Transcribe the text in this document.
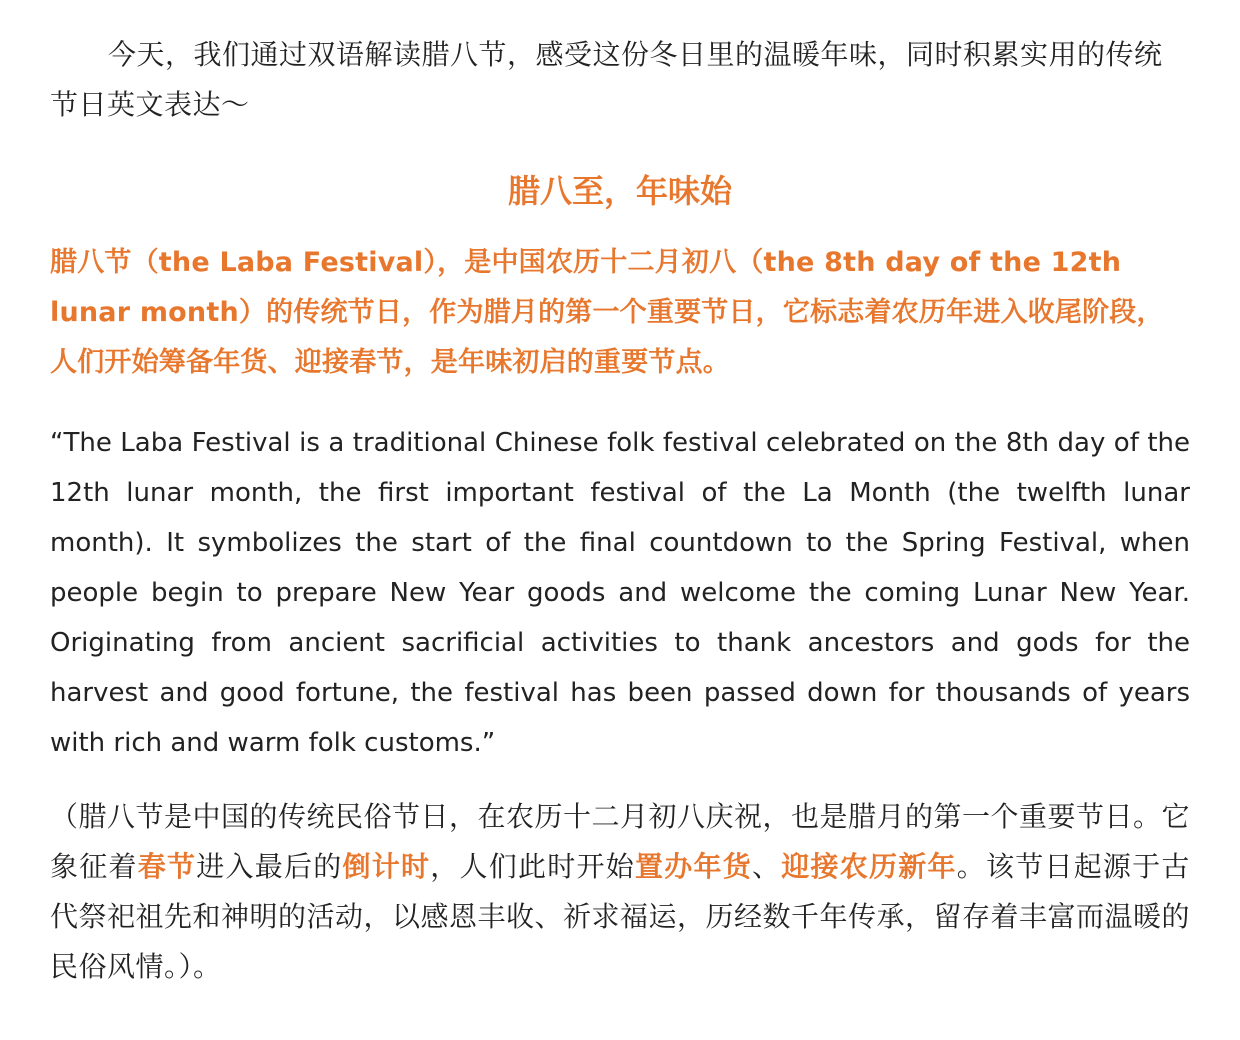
今天，我们通过双语解读腊八节，感受这份冬日里的温暖年味，同时积累实用的传统节日英文表达～

腊八至，年味始

腊八节（the Laba Festival），是中国农历十二月初八（the 8th day of the 12th lunar month）的传统节日，作为腊月的第一个重要节日，它标志着农历年进入收尾阶段，人们开始筹备年货、迎接春节，是年味初启的重要节点。

“The Laba Festival is a traditional Chinese folk festival celebrated on the 8th day of the 12th lunar month, the first important festival of the La Month (the twelfth lunar month). It symbolizes the start of the final countdown to the Spring Festival, when people begin to prepare New Year goods and welcome the coming Lunar New Year. Originating from ancient sacrificial activities to thank ancestors and gods for the harvest and good fortune, the festival has been passed down for thousands of years with rich and warm folk customs.”

（腊八节是中国的传统民俗节日，在农历十二月初八庆祝，也是腊月的第一个重要节日。它象征着春节进入最后的倒计时，人们此时开始置办年货、迎接农历新年。该节日起源于古代祭祀祖先和神明的活动，以感恩丰收、祈求福运，历经数千年传承，留存着丰富而温暖的民俗风情。）。
